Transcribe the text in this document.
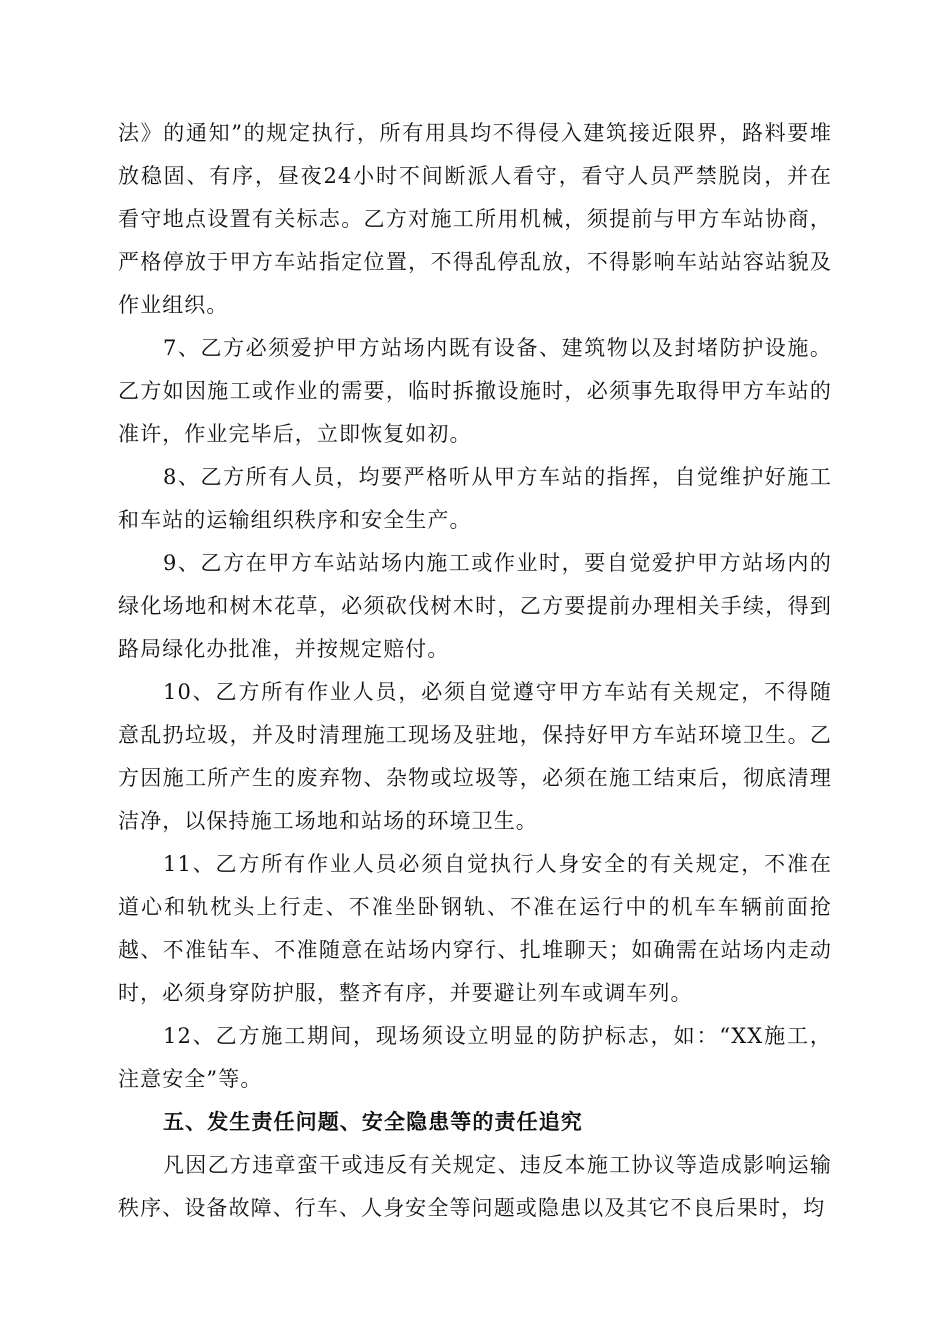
法》的通知”的规定执行，所有用具均不得侵入建筑接近限界，路料要堆放稳固、有序，昼夜24小时不间断派人看守，看守人员严禁脱岗，并在看守地点设置有关标志。乙方对施工所用机械，须提前与甲方车站协商，严格停放于甲方车站指定位置，不得乱停乱放，不得影响车站站容站貌及作业组织。

7、乙方必须爱护甲方站场内既有设备、建筑物以及封堵防护设施。乙方如因施工或作业的需要，临时拆撤设施时，必须事先取得甲方车站的准许，作业完毕后，立即恢复如初。

8、乙方所有人员，均要严格听从甲方车站的指挥，自觉维护好施工和车站的运输组织秩序和安全生产。

9、乙方在甲方车站站场内施工或作业时，要自觉爱护甲方站场内的绿化场地和树木花草，必须砍伐树木时，乙方要提前办理相关手续，得到路局绿化办批准，并按规定赔付。

10、乙方所有作业人员，必须自觉遵守甲方车站有关规定，不得随意乱扔垃圾，并及时清理施工现场及驻地，保持好甲方车站环境卫生。乙方因施工所产生的废弃物、杂物或垃圾等，必须在施工结束后，彻底清理洁净，以保持施工场地和站场的环境卫生。

11、乙方所有作业人员必须自觉执行人身安全的有关规定，不准在道心和轨枕头上行走、不准坐卧钢轨、不准在运行中的机车车辆前面抢越、不准钻车、不准随意在站场内穿行、扎堆聊天；如确需在站场内走动时，必须身穿防护服，整齐有序，并要避让列车或调车列。

12、乙方施工期间，现场须设立明显的防护标志，如：“XX施工，注意安全”等。

五、发生责任问题、安全隐患等的责任追究

凡因乙方违章蛮干或违反有关规定、违反本施工协议等造成影响运输秩序、设备故障、行车、人身安全等问题或隐患以及其它不良后果时，均
